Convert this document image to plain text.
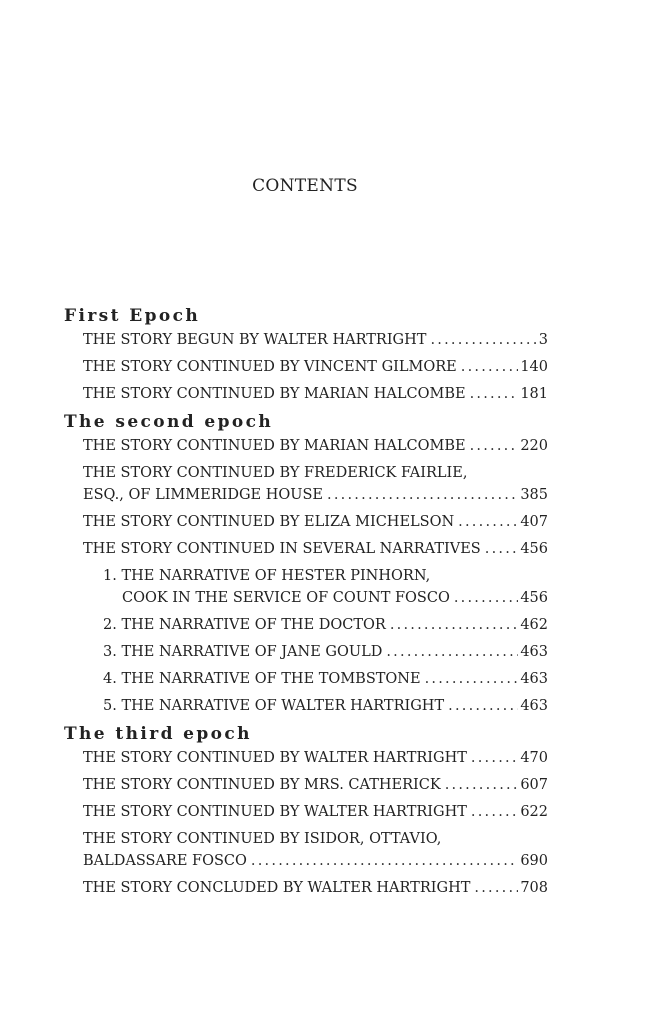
CONTENTS
First Epoch
THE STORY BEGUN BY WALTER HARTRIGHT . . .	3
THE STORY CONTINUED BY VINCENT GILMORE . . .	140
THE STORY CONTINUED BY MARIAN HALCOMBE . . .	181
The second epoch
THE STORY CONTINUED BY MARIAN HALCOMBE . . .	220
THE STORY CONTINUED BY FREDERICK FAIRLIE,
ESQ., OF LIMMERIDGE HOUSE . . .	385
THE STORY CONTINUED BY ELIZA MICHELSON . . .	407
THE STORY CONTINUED IN SEVERAL NARRATIVES . . .	456
1. THE NARRATIVE OF HESTER PINHORN,
COOK IN THE SERVICE OF COUNT FOSCO . . .	456
2. THE NARRATIVE OF THE DOCTOR . . .	462
3. THE NARRATIVE OF JANE GOULD . . .	463
4. THE NARRATIVE OF THE TOMBSTONE . . .	463
5. THE NARRATIVE OF WALTER HARTRIGHT . . .	463
The third epoch
THE STORY CONTINUED BY WALTER HARTRIGHT . . .	470
THE STORY CONTINUED BY MRS. CATHERICK . . .	607
THE STORY CONTINUED BY WALTER HARTRIGHT . . .	622
THE STORY CONTINUED BY ISIDOR, OTTAVIO,
BALDASSARE FOSCO . . .	690
THE STORY CONCLUDED BY WALTER HARTRIGHT . . .	708
